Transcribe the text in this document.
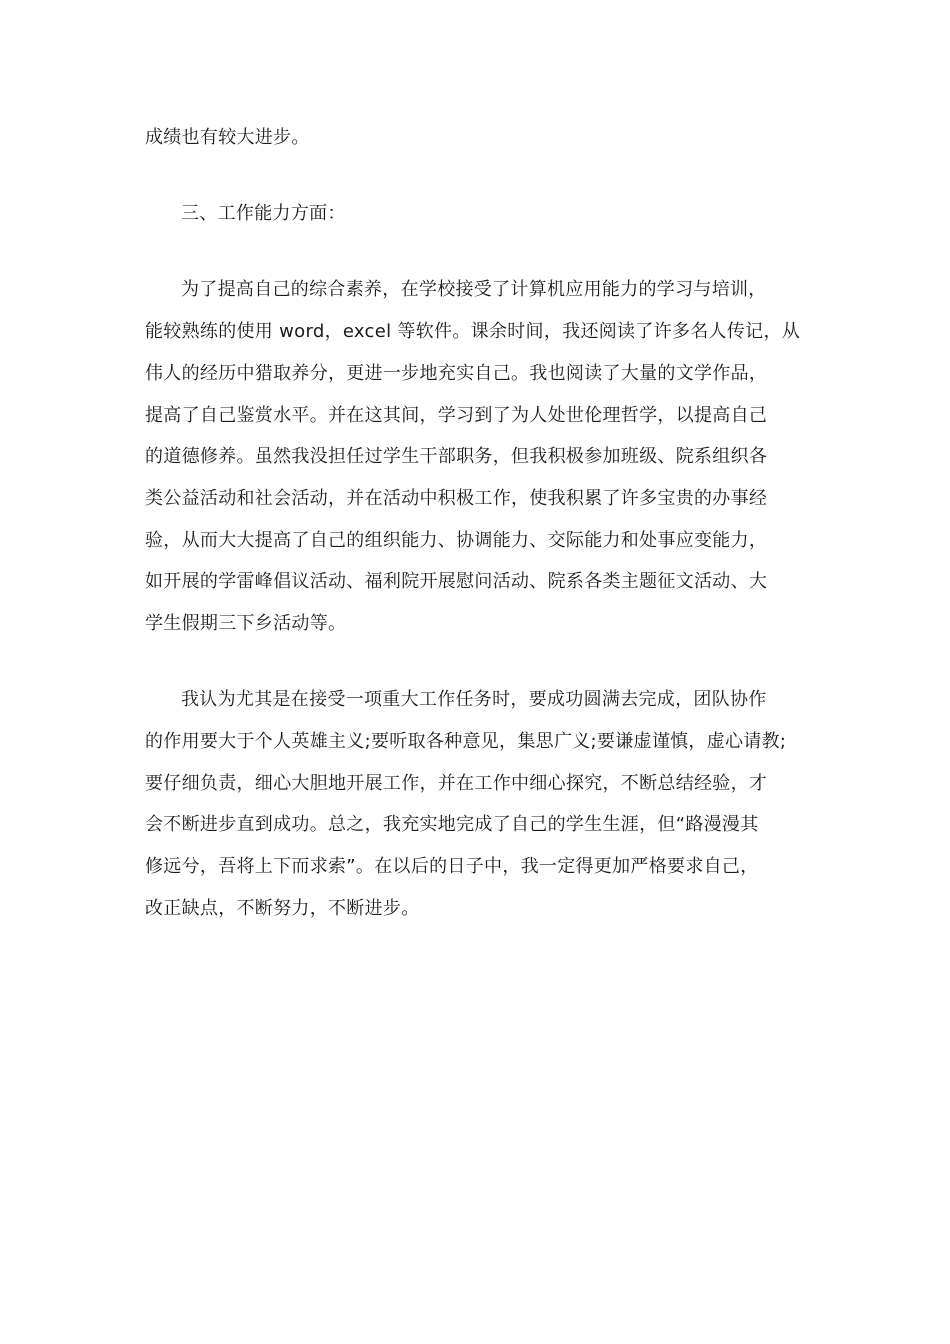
成绩也有较大进步。
三、工作能力方面：
为了提高自己的综合素养，在学校接受了计算机应用能力的学习与培训，
能较熟练的使用 word，excel 等软件。课余时间，我还阅读了许多名人传记，从
伟人的经历中猎取养分，更进一步地充实自己。我也阅读了大量的文学作品，
提高了自己鉴赏水平。并在这其间，学习到了为人处世伦理哲学，以提高自己
的道德修养。虽然我没担任过学生干部职务，但我积极参加班级、院系组织各
类公益活动和社会活动，并在活动中积极工作，使我积累了许多宝贵的办事经
验，从而大大提高了自己的组织能力、协调能力、交际能力和处事应变能力，
如开展的学雷峰倡议活动、福利院开展慰问活动、院系各类主题征文活动、大
学生假期三下乡活动等。
我认为尤其是在接受一项重大工作任务时，要成功圆满去完成，团队协作
的作用要大于个人英雄主义;要听取各种意见，集思广义;要谦虚谨慎，虚心请教;
要仔细负责，细心大胆地开展工作，并在工作中细心探究，不断总结经验，才
会不断进步直到成功。总之，我充实地完成了自己的学生生涯，但“路漫漫其
修远兮，吾将上下而求索”。在以后的日子中，我一定得更加严格要求自己，
改正缺点，不断努力，不断进步。
